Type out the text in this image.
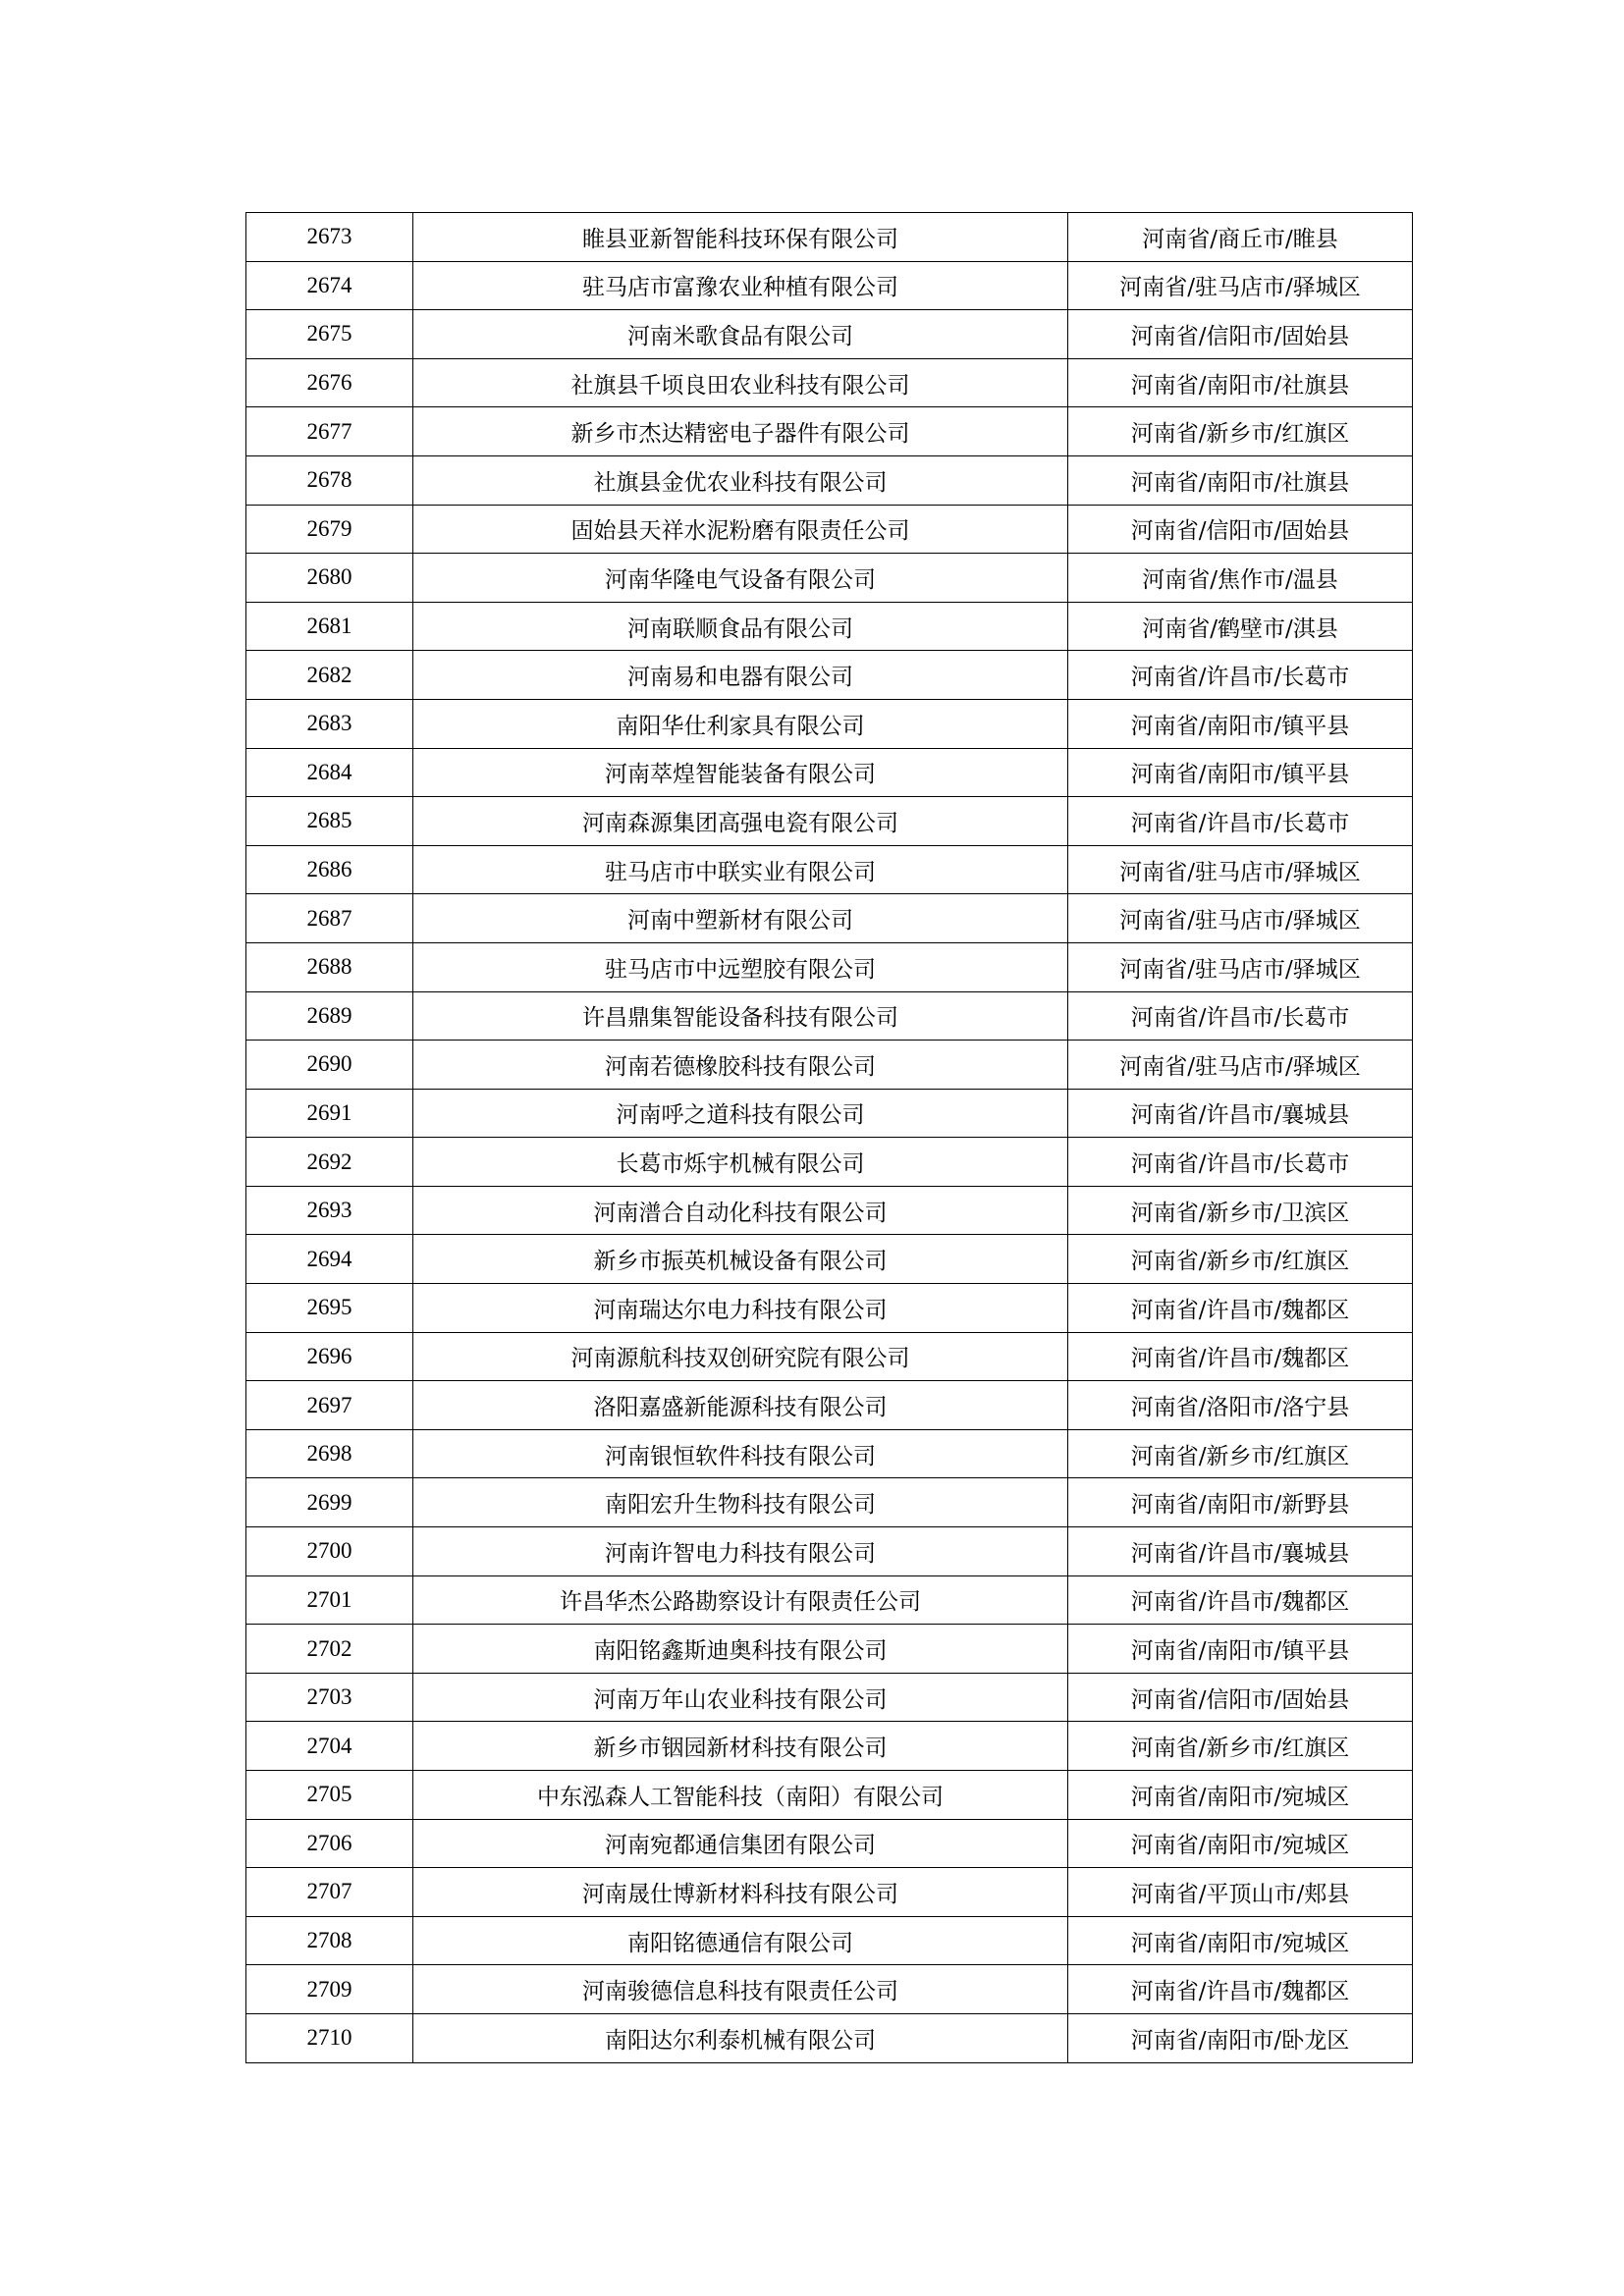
2673	睢县亚新智能科技环保有限公司	河南省/商丘市/睢县
2674	驻马店市富豫农业种植有限公司	河南省/驻马店市/驿城区
2675	河南米歌食品有限公司	河南省/信阳市/固始县
2676	社旗县千顷良田农业科技有限公司	河南省/南阳市/社旗县
2677	新乡市杰达精密电子器件有限公司	河南省/新乡市/红旗区
2678	社旗县金优农业科技有限公司	河南省/南阳市/社旗县
2679	固始县天祥水泥粉磨有限责任公司	河南省/信阳市/固始县
2680	河南华隆电气设备有限公司	河南省/焦作市/温县
2681	河南联顺食品有限公司	河南省/鹤壁市/淇县
2682	河南易和电器有限公司	河南省/许昌市/长葛市
2683	南阳华仕利家具有限公司	河南省/南阳市/镇平县
2684	河南萃煌智能装备有限公司	河南省/南阳市/镇平县
2685	河南森源集团高强电瓷有限公司	河南省/许昌市/长葛市
2686	驻马店市中联实业有限公司	河南省/驻马店市/驿城区
2687	河南中塑新材有限公司	河南省/驻马店市/驿城区
2688	驻马店市中远塑胶有限公司	河南省/驻马店市/驿城区
2689	许昌鼎集智能设备科技有限公司	河南省/许昌市/长葛市
2690	河南若德橡胶科技有限公司	河南省/驻马店市/驿城区
2691	河南呼之道科技有限公司	河南省/许昌市/襄城县
2692	长葛市烁宇机械有限公司	河南省/许昌市/长葛市
2693	河南潽合自动化科技有限公司	河南省/新乡市/卫滨区
2694	新乡市振英机械设备有限公司	河南省/新乡市/红旗区
2695	河南瑞达尔电力科技有限公司	河南省/许昌市/魏都区
2696	河南源航科技双创研究院有限公司	河南省/许昌市/魏都区
2697	洛阳嘉盛新能源科技有限公司	河南省/洛阳市/洛宁县
2698	河南银恒软件科技有限公司	河南省/新乡市/红旗区
2699	南阳宏升生物科技有限公司	河南省/南阳市/新野县
2700	河南许智电力科技有限公司	河南省/许昌市/襄城县
2701	许昌华杰公路勘察设计有限责任公司	河南省/许昌市/魏都区
2702	南阳铭鑫斯迪奥科技有限公司	河南省/南阳市/镇平县
2703	河南万年山农业科技有限公司	河南省/信阳市/固始县
2704	新乡市铟园新材科技有限公司	河南省/新乡市/红旗区
2705	中东泓森人工智能科技（南阳）有限公司	河南省/南阳市/宛城区
2706	河南宛都通信集团有限公司	河南省/南阳市/宛城区
2707	河南晟仕博新材料科技有限公司	河南省/平顶山市/郏县
2708	南阳铭德通信有限公司	河南省/南阳市/宛城区
2709	河南骏德信息科技有限责任公司	河南省/许昌市/魏都区
2710	南阳达尔利泰机械有限公司	河南省/南阳市/卧龙区
